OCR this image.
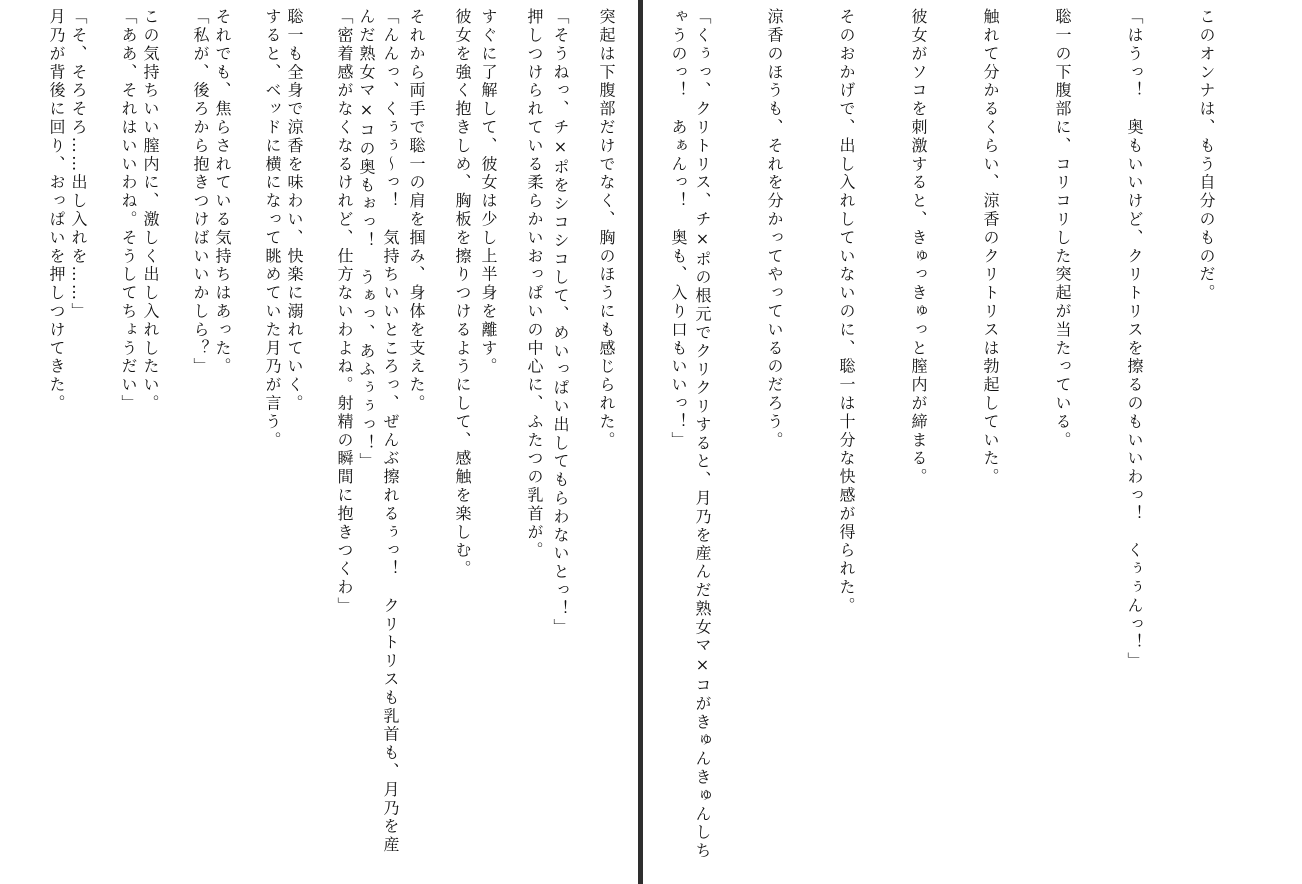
このオンナは、もう自分のものだ。

「はうっ！　奥もいいけど、クリトリスを擦るのもいいわっ！　くぅぅんっ！」

聡一の下腹部に、コリコリした突起が当たっている。

触れて分かるくらい、涼香のクリトリスは勃起していた。

彼女がソコを刺激すると、きゅっきゅっと膣内が締まる。

そのおかげで、出し入れしていないのに、聡一は十分な快感が得られた。

涼香のほうも、それを分かってやっているのだろう。

「くぅっ、クリトリス、チ×ポの根元でクリクリすると、月乃を産んだ熟女マ×コがきゅんきゅんしちゃうのっ！　あぁんっ！　奥も、入り口もいいっ！」

突起は下腹部だけでなく、胸のほうにも感じられた。

押しつけられている柔らかいおっぱいの中心に、ふたつの乳首が。

彼女を強く抱きしめ、胸板を擦りつけるようにして、感触を楽しむ。

「んんっ、くぅぅ～っ！　気持ちいいところっ、ぜんぶ擦れるぅっ！　クリトリスも乳首も、月乃を産んだ熟女マ×コの奥もぉっ！　うぁっ、あふぅぅっ！」

聡一も全身で涼香を味わい、快楽に溺れていく。

それでも、焦らされている気持ちはあった。

この気持ちいい膣内に、激しく出し入れしたい。

「そ、そろそろ……出し入れを……」

	「そうねっ、チ×ポをシコシコして、めいっぱい出してもらわないとっ！」

すぐに了解して、彼女は少し上半身を離す。

それから両手で聡一の肩を掴み、身体を支えた。

「密着感がなくなるけれど、仕方ないわよね。射精の瞬間に抱きつくわ」

すると、ベッドに横になって眺めていた月乃が言う。

「私が、後ろから抱きつけばいいかしら？」

「ああ、それはいいわね。そうしてちょうだい」

月乃が背後に回り、おっぱいを押しつけてきた。
